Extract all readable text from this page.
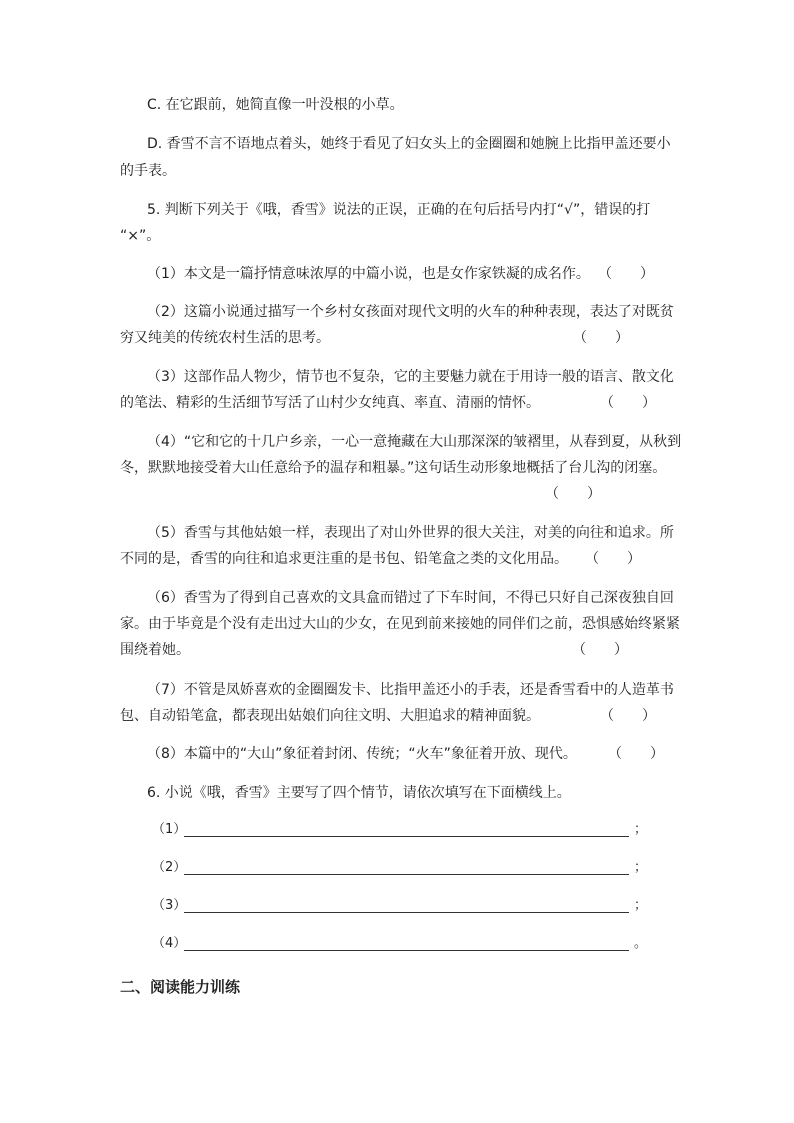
C. 在它跟前，她简直像一叶没根的小草。
D. 香雪不言不语地点着头，她终于看见了妇女头上的金圈圈和她腕上比指甲盖还要小
的手表。
5. 判断下列关于《哦，香雪》说法的正误，正确的在句后括号内打“√”，错误的打
“×”。
（1）本文是一篇抒情意味浓厚的中篇小说，也是女作家铁凝的成名作。 （　　）
（2）这篇小说通过描写一个乡村女孩面对现代文明的火车的种种表现，表达了对既贫
穷又纯美的传统农村生活的思考。	（　　）
（3）这部作品人物少，情节也不复杂，它的主要魅力就在于用诗一般的语言、散文化
的笔法、精彩的生活细节写活了山村少女纯真、率直、清丽的情怀。	（　　）
（4）“它和它的十几户乡亲，一心一意掩藏在大山那深深的皱褶里，从春到夏，从秋到
冬，默默地接受着大山任意给予的温存和粗暴。”这句话生动形象地概括了台儿沟的闭塞。
（　　）
（5）香雪与其他姑娘一样，表现出了对山外世界的很大关注，对美的向往和追求。所
不同的是，香雪的向往和追求更注重的是书包、铅笔盒之类的文化用品。 （　　）
（6）香雪为了得到自己喜欢的文具盒而错过了下车时间，不得已只好自己深夜独自回
家。由于毕竟是个没有走出过大山的少女，在见到前来接她的同伴们之前，恐惧感始终紧紧
围绕着她。	（　　）
（7）不管是凤娇喜欢的金圈圈发卡、比指甲盖还小的手表，还是香雪看中的人造革书
包、自动铅笔盒，都表现出姑娘们向往文明、大胆追求的精神面貌。	（　　）
（8）本篇中的“大山”象征着封闭、传统；“火车”象征着开放、现代。 （　　）
6. 小说《哦，香雪》主要写了四个情节，请依次填写在下面横线上。
（1）	；
（2）	；
（3）	；
（4）	。
二、阅读能力训练
